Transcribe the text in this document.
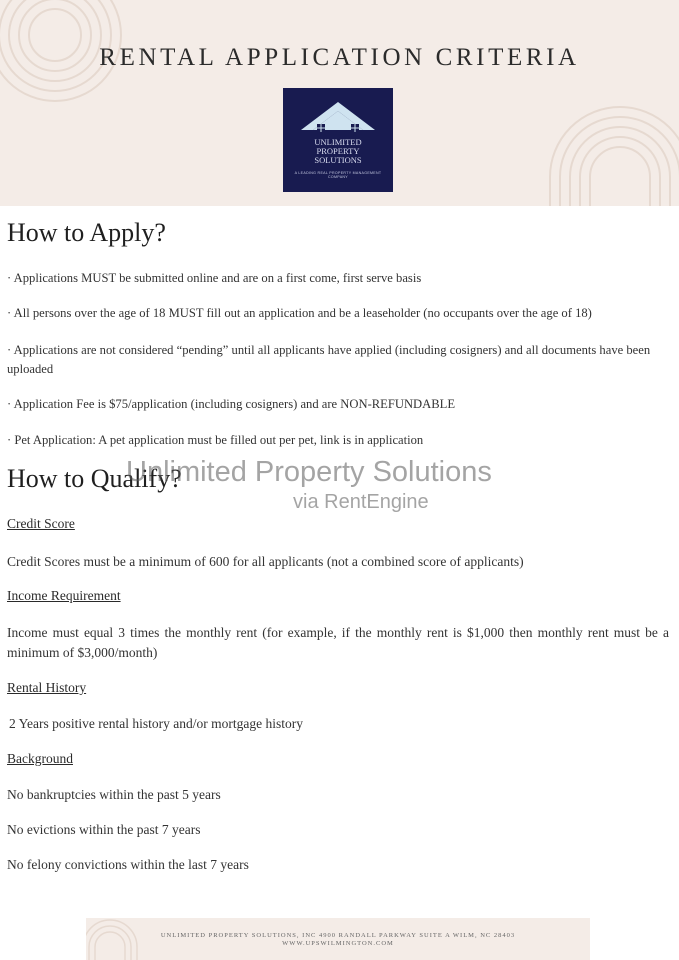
RENTAL APPLICATION CRITERIA
UNLIMITED
PROPERTY
SOLUTIONS
A LEADING REAL PROPERTY MANAGEMENT COMPANY
How to Apply?

· Applications MUST be submitted online and are on a first come, first serve basis

· All persons over the age of 18 MUST fill out an application and be a leaseholder (no occupants over the age of 18)

· Applications are not considered “pending” until all applicants have applied (including cosigners) and all documents have been uploaded

· Application Fee is $75/application (including cosigners) and are NON-REFUNDABLE

· Pet Application: A pet application must be filled out per pet, link is in application

How to Qualify?

Credit Score

Credit Scores must be a minimum of 600 for all applicants (not a combined score of applicants)

Income Requirement

Income must equal 3 times the monthly rent (for example, if the monthly rent is $1,000 then monthly rent must be a minimum of $3,000/month)

Rental History

2 Years positive rental history and/or mortgage history

Background

No bankruptcies within the past 5 years

No evictions within the past 7 years

No felony convictions within the last 7 years

Unlimited Property Solutions
via RentEngine
UNLIMITED PROPERTY SOLUTIONS, INC 4900 RANDALL PARKWAY SUITE A WILM, NC 28403
WWW.UPSWILMINGTON.COM
